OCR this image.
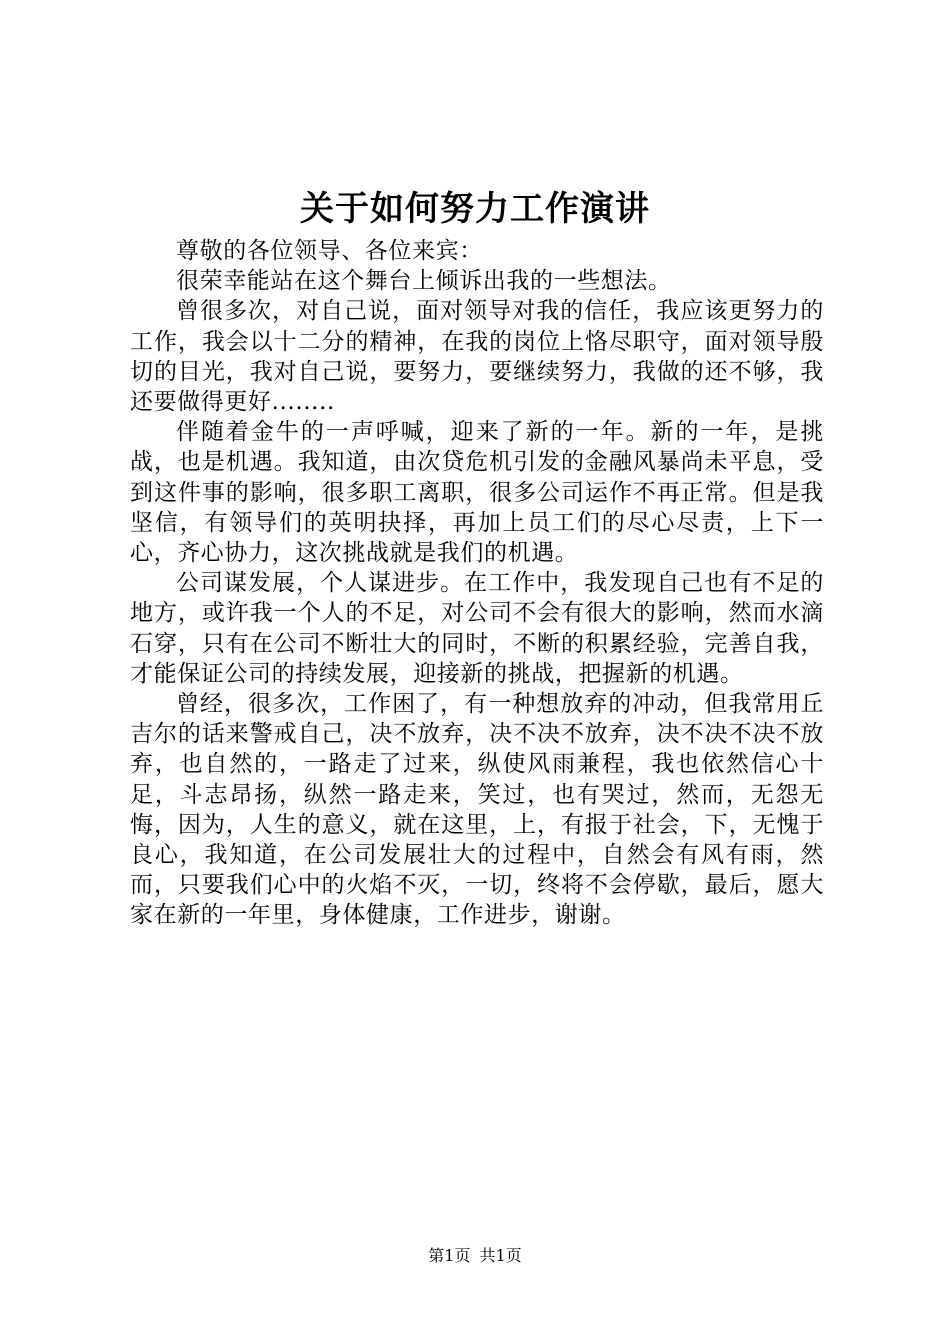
关于如何努力工作演讲

尊敬的各位领导、各位来宾：

很荣幸能站在这个舞台上倾诉出我的一些想法。

曾很多次，对自己说，面对领导对我的信任，我应该更努力的工作，我会以十二分的精神，在我的岗位上恪尽职守，面对领导殷切的目光，我对自己说，要努力，要继续努力，我做的还不够，我还要做得更好........

伴随着金牛的一声呼喊，迎来了新的一年。新的一年，是挑战，也是机遇。我知道，由次贷危机引发的金融风暴尚未平息，受到这件事的影响，很多职工离职，很多公司运作不再正常。但是我坚信，有领导们的英明抉择，再加上员工们的尽心尽责，上下一心，齐心协力，这次挑战就是我们的机遇。

公司谋发展，个人谋进步。在工作中，我发现自己也有不足的地方，或许我一个人的不足，对公司不会有很大的影响，然而水滴石穿，只有在公司不断壮大的同时，不断的积累经验，完善自我，才能保证公司的持续发展，迎接新的挑战，把握新的机遇。

曾经，很多次，工作困了，有一种想放弃的冲动，但我常用丘吉尔的话来警戒自己，决不放弃，决不决不放弃，决不决不决不放弃，也自然的，一路走了过来，纵使风雨兼程，我也依然信心十足，斗志昂扬，纵然一路走来，笑过，也有哭过，然而，无怨无悔，因为，人生的意义，就在这里，上，有报于社会，下，无愧于良心，我知道，在公司发展壮大的过程中，自然会有风有雨，然而，只要我们心中的火焰不灭，一切，终将不会停歇，最后，愿大家在新的一年里，身体健康，工作进步，谢谢。

第1页 共1页
